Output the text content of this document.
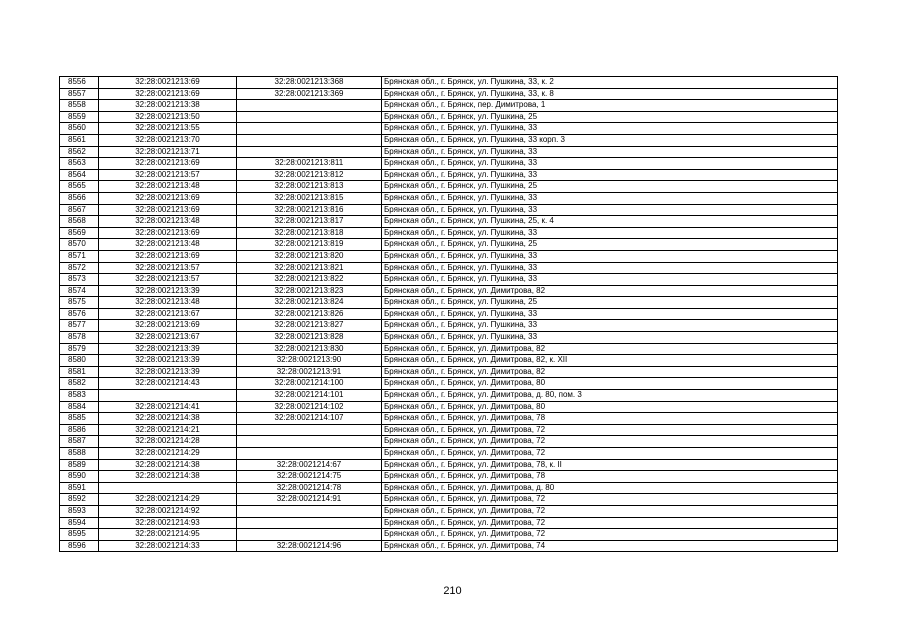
8556	32:28:0021213:69	32:28:0021213:368	Брянская обл., г. Брянск, ул. Пушкина, 33, к. 2
8557	32:28:0021213:69	32:28:0021213:369	Брянская обл., г. Брянск, ул. Пушкина, 33, к. 8
8558	32:28:0021213:38		Брянская обл., г. Брянск, пер. Димитрова, 1
8559	32:28:0021213:50		Брянская обл., г. Брянск, ул. Пушкина, 25
8560	32:28:0021213:55		Брянская обл., г. Брянск, ул. Пушкина, 33
8561	32:28:0021213:70		Брянская обл., г. Брянск, ул. Пушкина, 33 корп. 3
8562	32:28:0021213:71		Брянская обл., г. Брянск, ул. Пушкина, 33
8563	32:28:0021213:69	32:28:0021213:811	Брянская обл., г. Брянск, ул. Пушкина, 33
8564	32:28:0021213:57	32:28:0021213:812	Брянская обл., г. Брянск, ул. Пушкина, 33
8565	32:28:0021213:48	32:28:0021213:813	Брянская обл., г. Брянск, ул. Пушкина, 25
8566	32:28:0021213:69	32:28:0021213:815	Брянская обл., г. Брянск, ул. Пушкина, 33
8567	32:28:0021213:69	32:28:0021213:816	Брянская обл., г. Брянск, ул. Пушкина, 33
8568	32:28:0021213:48	32:28:0021213:817	Брянская обл., г. Брянск, ул. Пушкина, 25, к. 4
8569	32:28:0021213:69	32:28:0021213:818	Брянская обл., г. Брянск, ул. Пушкина, 33
8570	32:28:0021213:48	32:28:0021213:819	Брянская обл., г. Брянск, ул. Пушкина, 25
8571	32:28:0021213:69	32:28:0021213:820	Брянская обл., г. Брянск, ул. Пушкина, 33
8572	32:28:0021213:57	32:28:0021213:821	Брянская обл., г. Брянск, ул. Пушкина, 33
8573	32:28:0021213:57	32:28:0021213:822	Брянская обл., г. Брянск, ул. Пушкина, 33
8574	32:28:0021213:39	32:28:0021213:823	Брянская обл., г. Брянск, ул. Димитрова, 82
8575	32:28:0021213:48	32:28:0021213:824	Брянская обл., г. Брянск, ул. Пушкина, 25
8576	32:28:0021213:67	32:28:0021213:826	Брянская обл., г. Брянск, ул. Пушкина, 33
8577	32:28:0021213:69	32:28:0021213:827	Брянская обл., г. Брянск, ул. Пушкина, 33
8578	32:28:0021213:67	32:28:0021213:828	Брянская обл., г. Брянск, ул. Пушкина, 33
8579	32:28:0021213:39	32:28:0021213:830	Брянская обл., г. Брянск, ул. Димитрова, 82
8580	32:28:0021213:39	32:28:0021213:90	Брянская обл., г. Брянск, ул. Димитрова, 82, к. XII
8581	32:28:0021213:39	32:28:0021213:91	Брянская обл., г. Брянск, ул. Димитрова, 82
8582	32:28:0021214:43	32:28:0021214:100	Брянская обл., г. Брянск, ул. Димитрова, 80
8583		32:28:0021214:101	Брянская обл., г. Брянск, ул. Димитрова, д. 80, пом. 3
8584	32:28:0021214:41	32:28:0021214:102	Брянская обл., г. Брянск, ул. Димитрова, 80
8585	32:28:0021214:38	32:28:0021214:107	Брянская обл., г. Брянск, ул. Димитрова, 78
8586	32:28:0021214:21		Брянская обл., г. Брянск, ул. Димитрова, 72
8587	32:28:0021214:28		Брянская обл., г. Брянск, ул. Димитрова, 72
8588	32:28:0021214:29		Брянская обл., г. Брянск, ул. Димитрова, 72
8589	32:28:0021214:38	32:28:0021214:67	Брянская обл., г. Брянск, ул. Димитрова, 78, к. II
8590	32:28:0021214:38	32:28:0021214:75	Брянская обл., г. Брянск, ул. Димитрова, 78
8591		32:28:0021214:78	Брянская обл., г. Брянск, ул. Димитрова, д. 80
8592	32:28:0021214:29	32:28:0021214:91	Брянская обл., г. Брянск, ул. Димитрова, 72
8593	32:28:0021214:92		Брянская обл., г. Брянск, ул. Димитрова, 72
8594	32:28:0021214:93		Брянская обл., г. Брянск, ул. Димитрова, 72
8595	32:28:0021214:95		Брянская обл., г. Брянск, ул. Димитрова, 72
8596	32:28:0021214:33	32:28:0021214:96	Брянская обл., г. Брянск, ул. Димитрова, 74
210
